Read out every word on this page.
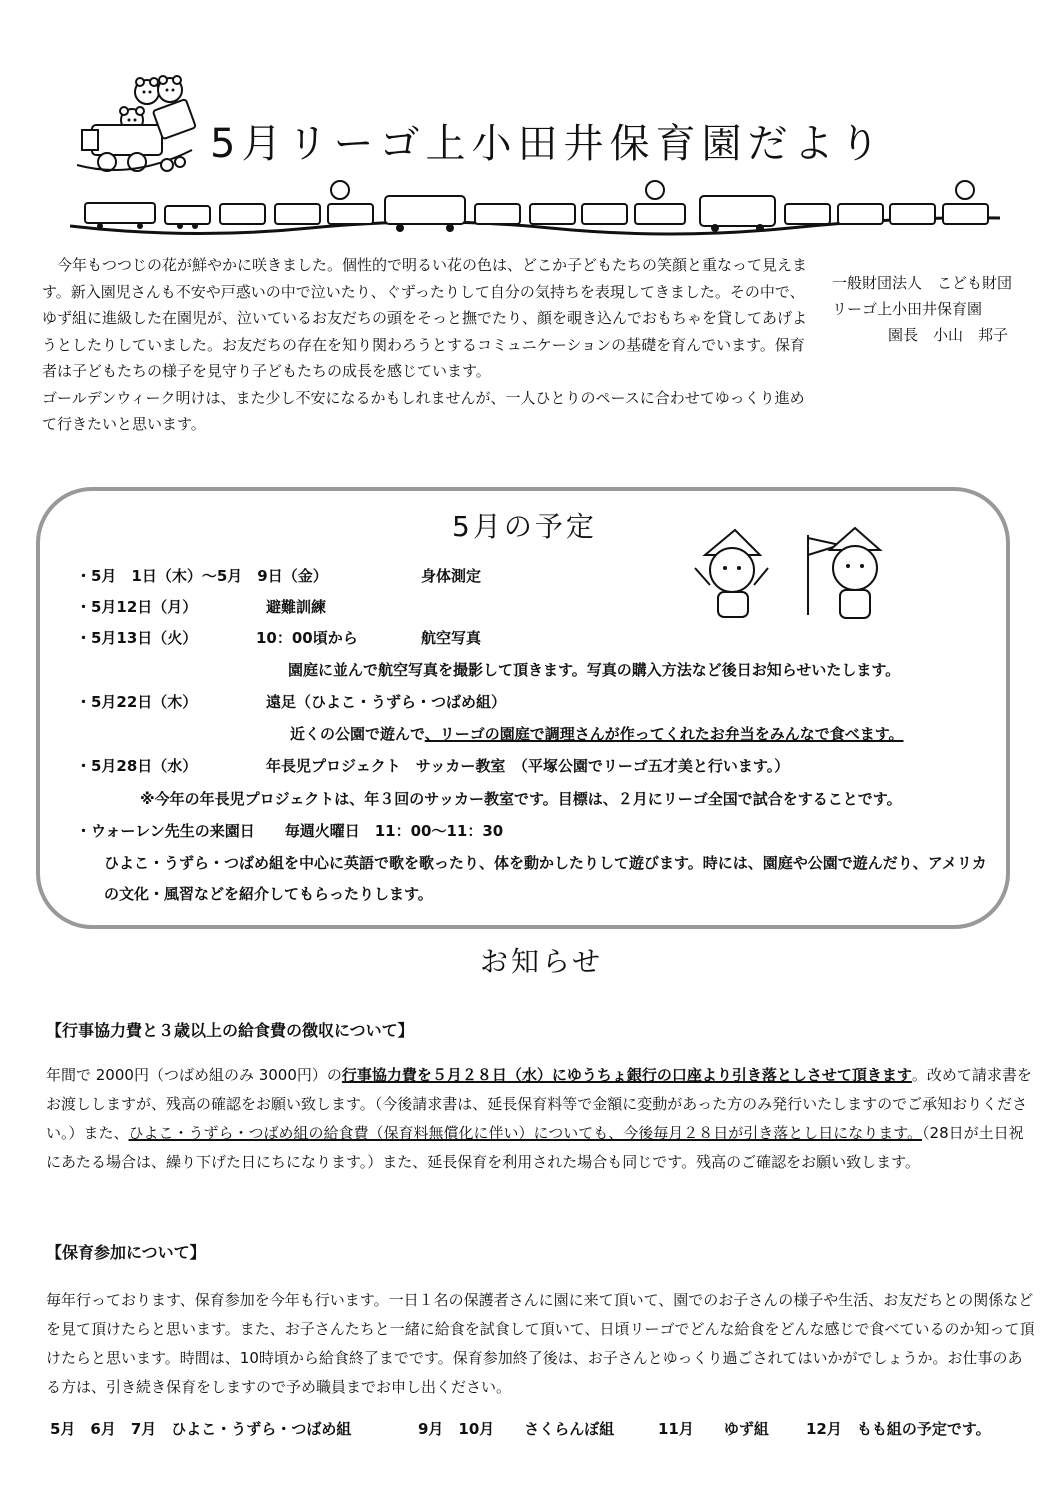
5月リーゴ上小田井保育園だより

今年もつつじの花が鮮やかに咲きました。個性的で明るい花の色は、どこか子どもたちの笑顔と重なって見えます。新入園児さんも不安や戸惑いの中で泣いたり、ぐずったりして自分の気持ちを表現してきました。その中で、ゆず組に進級した在園児が、泣いているお友だちの頭をそっと撫でたり、顔を覗き込んでおもちゃを貸してあげようとしたりしていました。お友だちの存在を知り関わろうとするコミュニケーションの基礎を育んでいます。保育者は子どもたちの様子を見守り子どもたちの成長を感じています。

ゴールデンウィーク明けは、また少し不安になるかもしれませんが、一人ひとりのペースに合わせてゆっくり進めて行きたいと思います。

一般財団法人　こども財団
リーゴ上小田井保育園
園長　小山　邦子
5月の予定
・5月　1日（木）～5月　9日（金）	身体測定
・5月12日（月）	避難訓練
・5月13日（火）	10：00頃から	航空写真
園庭に並んで航空写真を撮影して頂きます。写真の購入方法など後日お知らせいたします。
・5月22日（木）	遠足（ひよこ・うずら・つばめ組）
近くの公園で遊んで、リーゴの園庭で調理さんが作ってくれたお弁当をみんなで食べます。
・5月28日（水）	年長児プロジェクト　サッカー教室　（平塚公園でリーゴ五才美と行います。）
※今年の年長児プロジェクトは、年３回のサッカー教室です。目標は、２月にリーゴ全国で試合をすることです。
・ウォーレン先生の来園日　　毎週火曜日　11：00～11：30
ひよこ・うずら・つばめ組を中心に英語で歌を歌ったり、体を動かしたりして遊びます。時には、園庭や公園で遊んだり、アメリカ
の文化・風習などを紹介してもらったりします。
お知らせ
【行事協力費と３歳以上の給食費の徴収について】

年間で 2000円（つばめ組のみ 3000円）の行事協力費を５月２８日（水）にゆうちょ銀行の口座より引き落としさせて頂きます。改めて請求書をお渡ししますが、残高の確認をお願い致します。（今後請求書は、延長保育料等で金額に変動があった方のみ発行いたしますのでご承知おりください。）また、ひよこ・うずら・つばめ組の給食費（保育料無償化に伴い）についても、今後毎月２８日が引き落とし日になります。（28日が土日祝にあたる場合は、繰り下げた日にちになります。）また、延長保育を利用された場合も同じです。残高のご確認をお願い致します。

【保育参加について】

毎年行っております、保育参加を今年も行います。一日１名の保護者さんに園に来て頂いて、園でのお子さんの様子や生活、お友だちとの関係などを見て頂けたらと思います。また、お子さんたちと一緒に給食を試食して頂いて、日頃リーゴでどんな給食をどんな感じで食べているのか知って頂けたらと思います。時間は、10時頃から給食終了までです。保育参加終了後は、お子さんとゆっくり過ごされてはいかがでしょうか。お仕事のある方は、引き続き保育をしますので予め職員までお申し出ください。

5月　6月　7月　ひよこ・うずら・つばめ組	9月　10月　　さくらんぼ組	11月　　ゆず組 12月　もも組の予定です。
